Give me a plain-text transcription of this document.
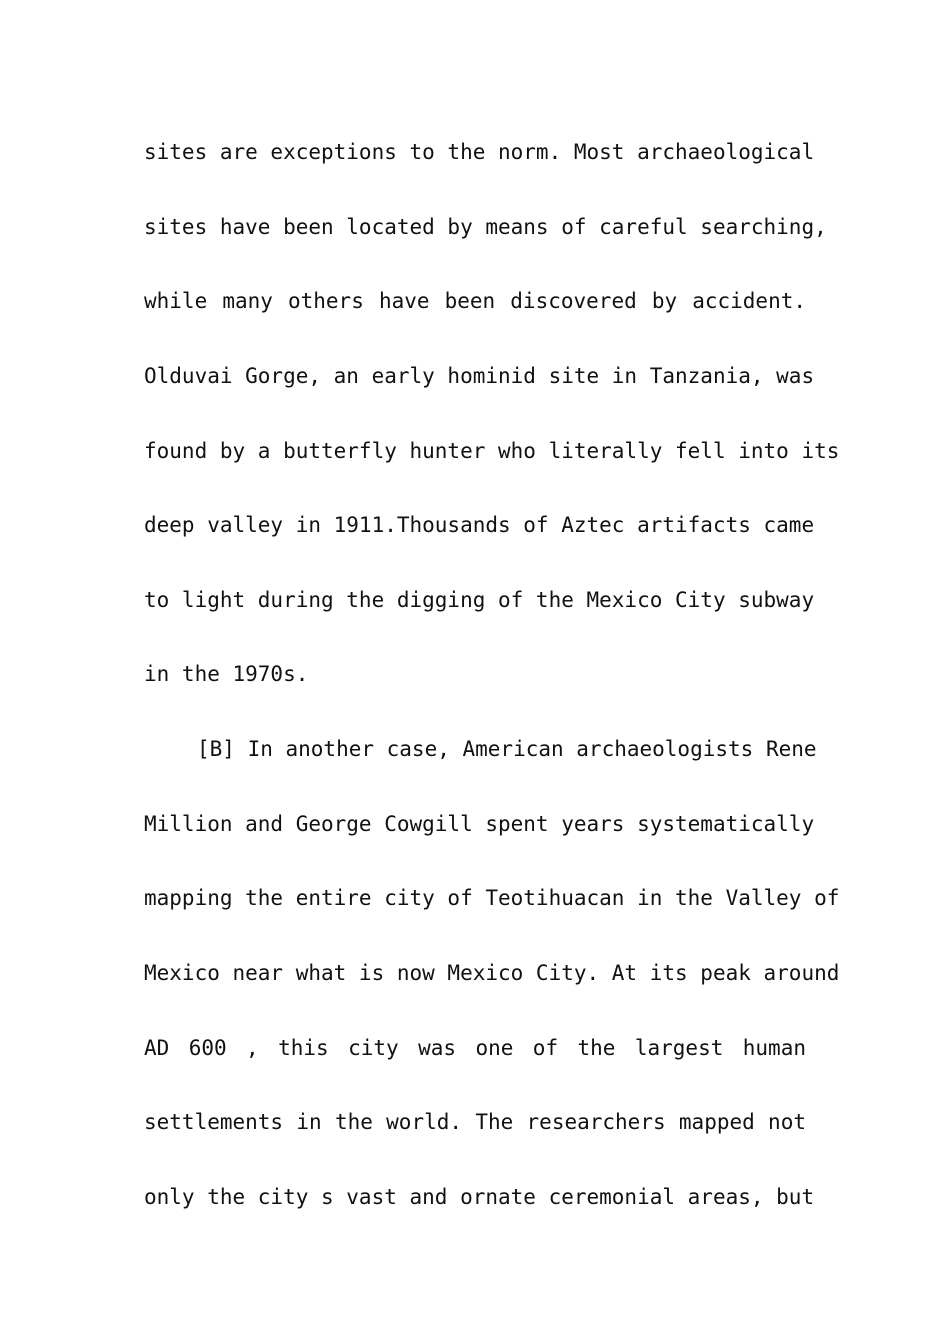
sites are exceptions to the norm. Most archaeological
sites have been located by means of careful searching,
while many others have been discovered by accident.
Olduvai Gorge, an early hominid site in Tanzania, was
found by a butterfly hunter who literally fell into its
deep valley in 1911.Thousands of Aztec artifacts came
to light during the digging of the Mexico City subway
in the 1970s.
[B] In another case, American archaeologists Rene
Million and George Cowgill spent years systematically
mapping the entire city of Teotihuacan in the Valley of
Mexico near what is now Mexico City. At its peak around
AD 600 , this city was one of the largest human
settlements in the world. The researchers mapped not
only the city s vast and ornate ceremonial areas, but
